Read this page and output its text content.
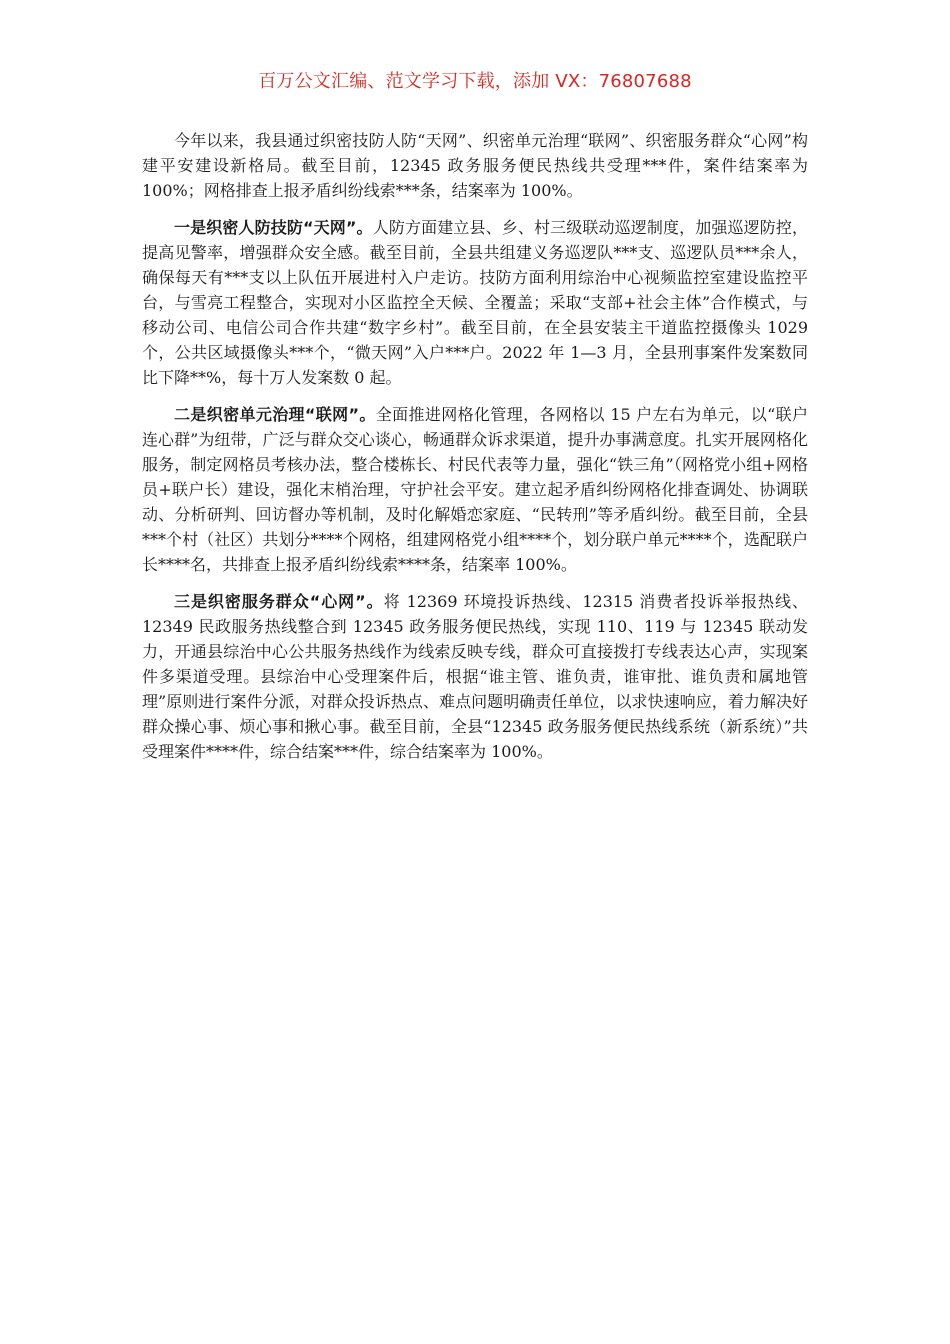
百万公文汇编、范文学习下载，添加 VX：76807688

今年以来，我县通过织密技防人防“天网”、织密单元治理“联网”、织密服务群众“心网”构建平安建设新格局。截至目前，12345 政务服务便民热线共受理***件，案件结案率为 100%；网格排查上报矛盾纠纷线索***条，结案率为 100%。

一是织密人防技防“天网”。人防方面建立县、乡、村三级联动巡逻制度，加强巡逻防控，提高见警率，增强群众安全感。截至目前，全县共组建义务巡逻队***支、巡逻队员***余人，确保每天有***支以上队伍开展进村入户走访。技防方面利用综治中心视频监控室建设监控平台，与雪亮工程整合，实现对小区监控全天候、全覆盖；采取“支部+社会主体”合作模式，与移动公司、电信公司合作共建“数字乡村”。截至目前，在全县安装主干道监控摄像头 1029 个，公共区域摄像头***个，“微天网”入户***户。2022 年 1—3 月，全县刑事案件发案数同比下降**%，每十万人发案数 0 起。

二是织密单元治理“联网”。全面推进网格化管理，各网格以 15 户左右为单元，以“联户连心群”为纽带，广泛与群众交心谈心，畅通群众诉求渠道，提升办事满意度。扎实开展网格化服务，制定网格员考核办法，整合楼栋长、村民代表等力量，强化“铁三角”（网格党小组+网格员+联户长）建设，强化末梢治理，守护社会平安。建立起矛盾纠纷网格化排查调处、协调联动、分析研判、回访督办等机制，及时化解婚恋家庭、“民转刑”等矛盾纠纷。截至目前，全县***个村（社区）共划分****个网格，组建网格党小组****个，划分联户单元****个，选配联户长****名，共排查上报矛盾纠纷线索****条，结案率 100%。

三是织密服务群众“心网”。将 12369 环境投诉热线、12315 消费者投诉举报热线、12349 民政服务热线整合到 12345 政务服务便民热线，实现 110、119 与 12345 联动发力，开通县综治中心公共服务热线作为线索反映专线，群众可直接拨打专线表达心声，实现案件多渠道受理。县综治中心受理案件后，根据“谁主管、谁负责，谁审批、谁负责和属地管理”原则进行案件分派，对群众投诉热点、难点问题明确责任单位，以求快速响应，着力解决好群众操心事、烦心事和揪心事。截至目前，全县“12345 政务服务便民热线系统（新系统）”共受理案件****件，综合结案***件，综合结案率为 100%。
